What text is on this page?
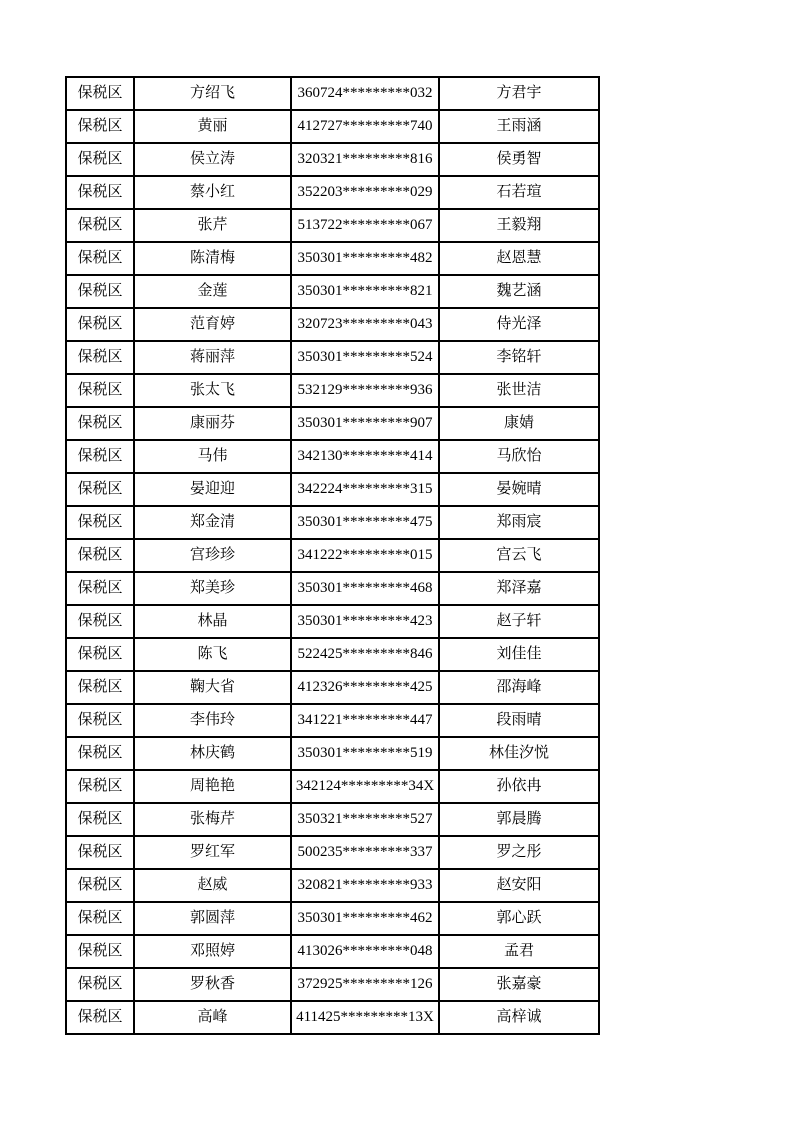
保税区	方绍飞	360724*********032	方君宇
保税区	黄丽	412727*********740	王雨涵
保税区	侯立涛	320321*********816	侯勇智
保税区	蔡小红	352203*********029	石若瑄
保税区	张芹	513722*********067	王毅翔
保税区	陈清梅	350301*********482	赵恩慧
保税区	金莲	350301*********821	魏艺涵
保税区	范育婷	320723*********043	侍光泽
保税区	蒋丽萍	350301*********524	李铭轩
保税区	张太飞	532129*********936	张世洁
保税区	康丽芬	350301*********907	康婧
保税区	马伟	342130*********414	马欣怡
保税区	晏迎迎	342224*********315	晏婉晴
保税区	郑金清	350301*********475	郑雨宸
保税区	宫珍珍	341222*********015	宫云飞
保税区	郑美珍	350301*********468	郑泽嘉
保税区	林晶	350301*********423	赵子轩
保税区	陈飞	522425*********846	刘佳佳
保税区	鞠大省	412326*********425	邵海峰
保税区	李伟玲	341221*********447	段雨晴
保税区	林庆鹤	350301*********519	林佳汐悦
保税区	周艳艳	342124*********34X	孙依冉
保税区	张梅芹	350321*********527	郭晨腾
保税区	罗红军	500235*********337	罗之彤
保税区	赵威	320821*********933	赵安阳
保税区	郭圆萍	350301*********462	郭心跃
保税区	邓照婷	413026*********048	孟君
保税区	罗秋香	372925*********126	张嘉豪
保税区	高峰	411425*********13X	高梓诚
